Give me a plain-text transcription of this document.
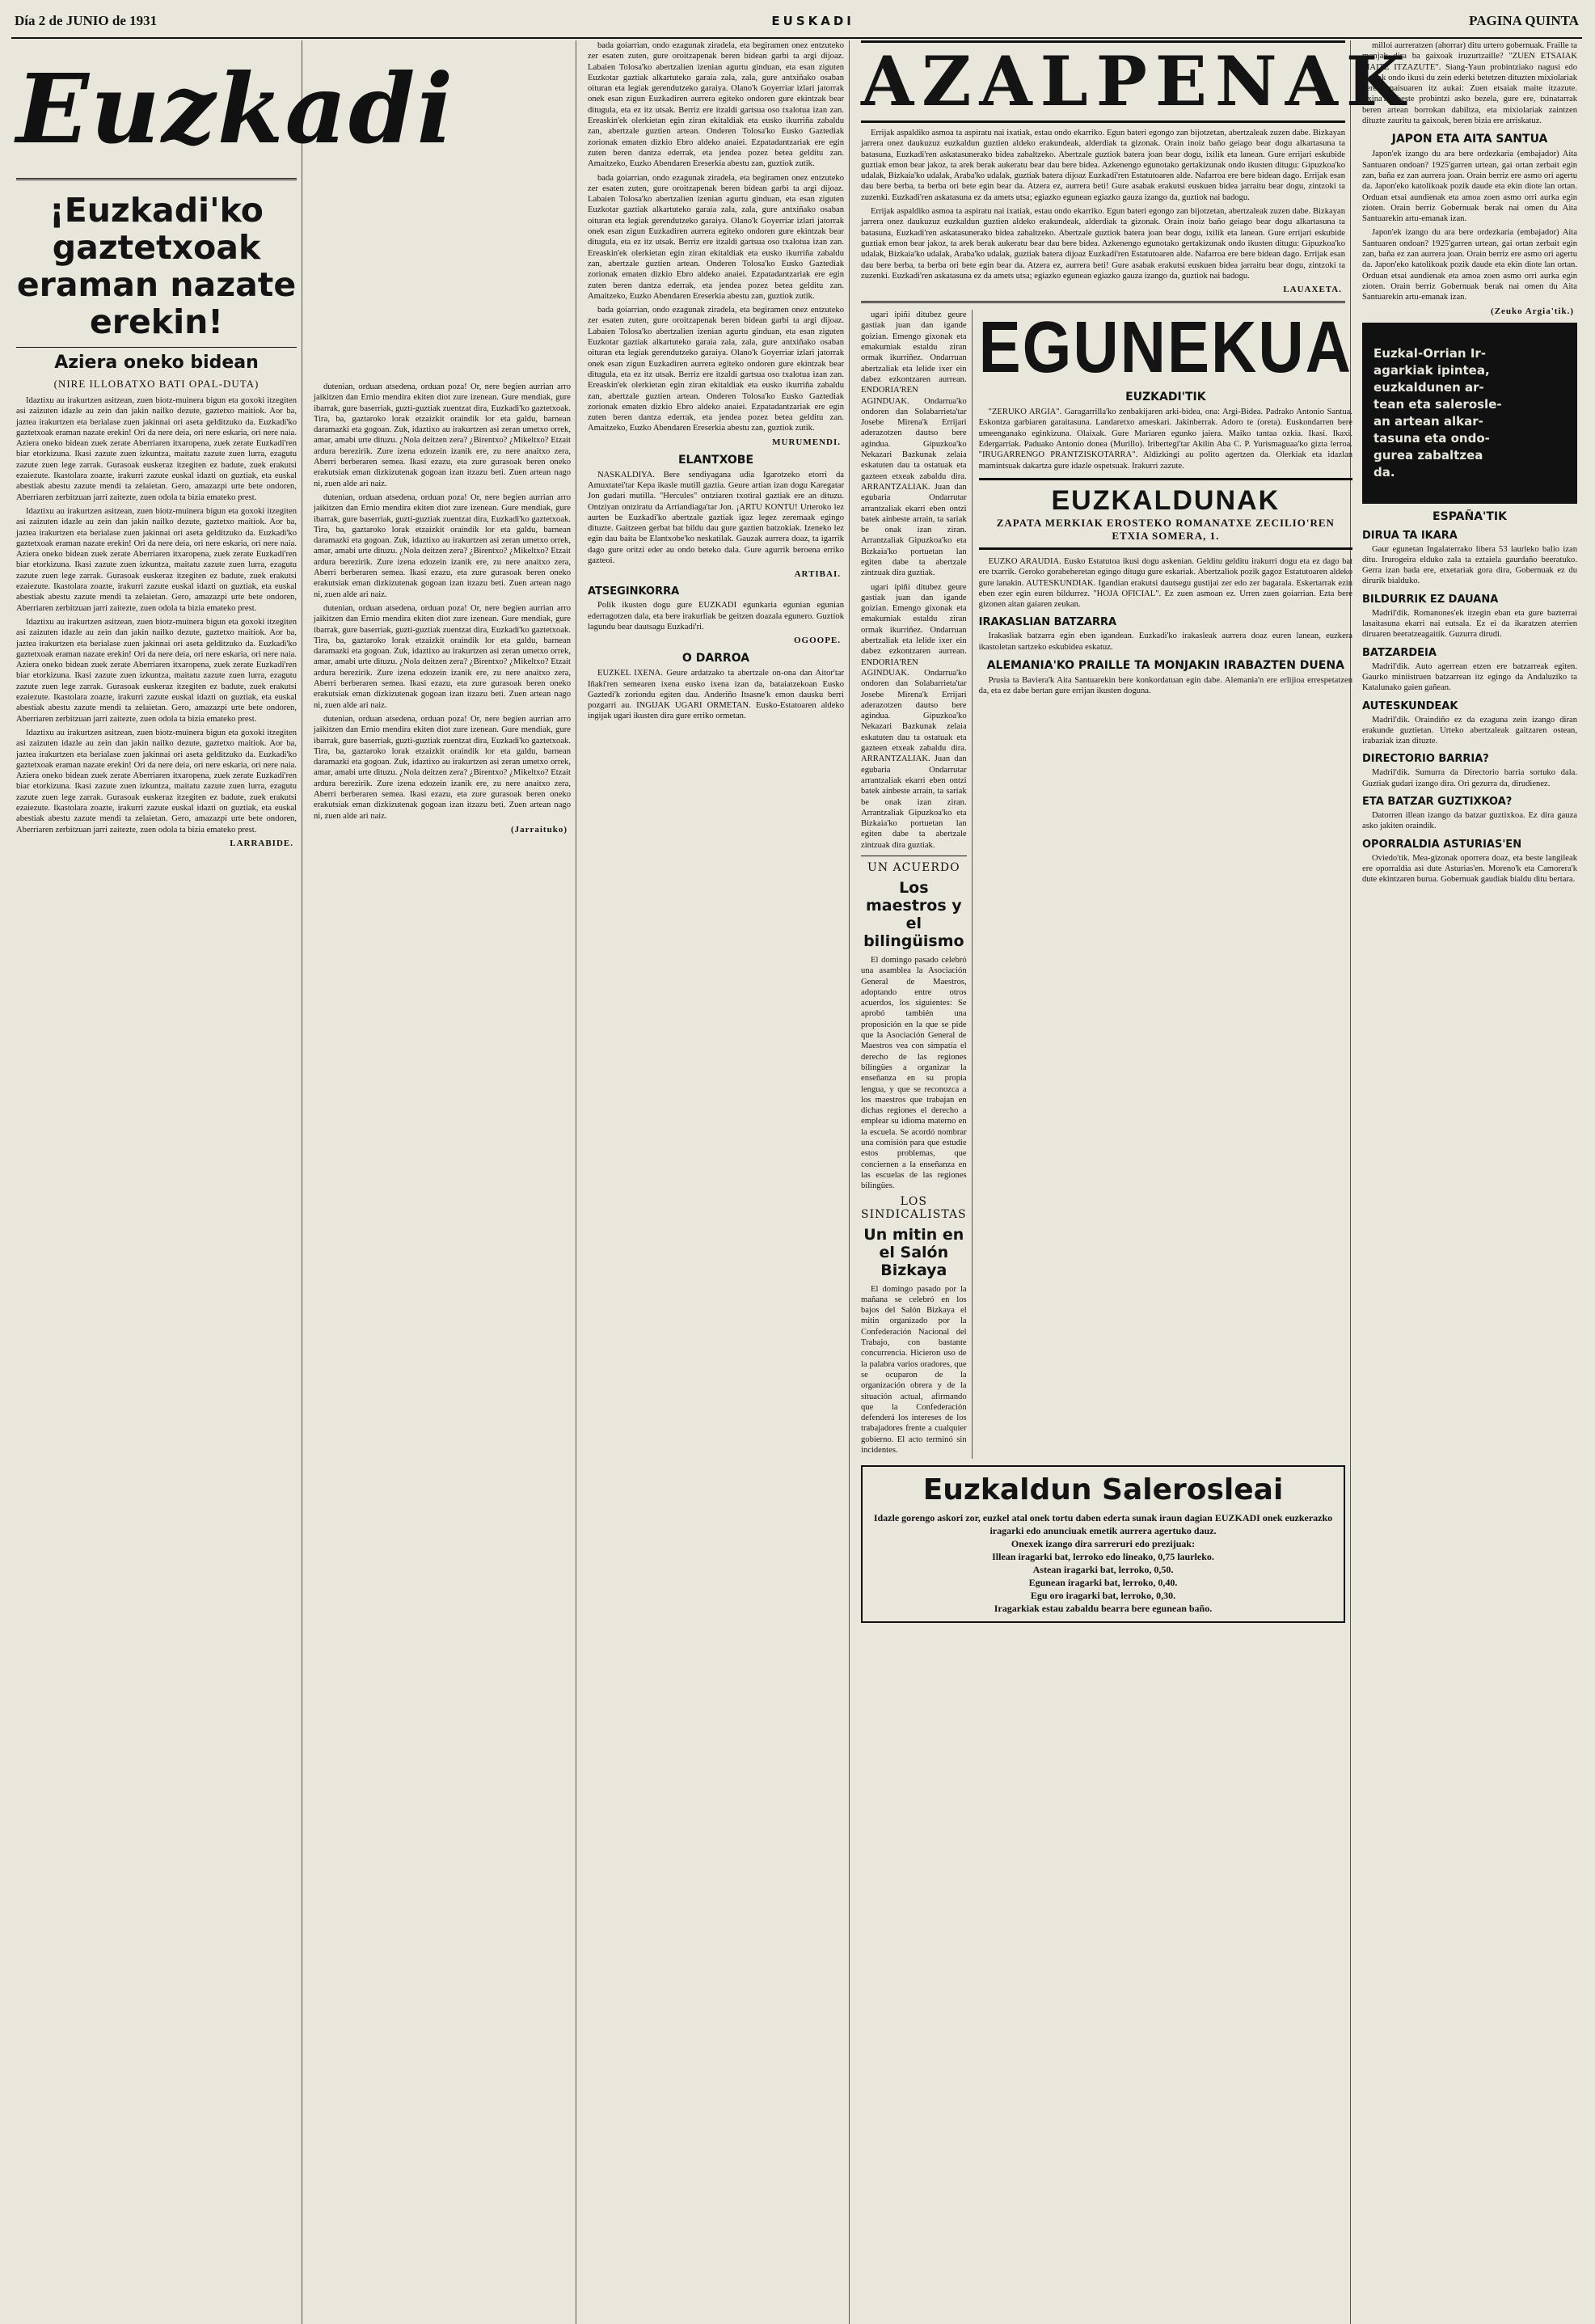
Día 2 de JUNIO de 1931	EUSKADI	PAGINA QUINTA
Euzkadi
¡Euzkadi'ko gaztetxoak eraman nazate erekin!
Aziera oneko bidean
(NIRE ILLOBATXO BATI OPAL-DUTA)

Idaztixu au irakurtzen asitzean, zuen biotz-muinera bigun eta goxoki itzegiten asi zaizuten idazle au zein dan jakin nailko dezute, gaztetxo maitiok. Aor ba, jaztea irakurtzen eta berialase zuen jakinnai ori aseta gelditzuko da. Euzkadi'ko gaztetxoak eraman nazate erekin! Ori da nere deia, ori nere eskaria, ori nere naia. Aziera oneko bidean zuek zerate Aberriaren itxaropena, zuek zerate Euzkadi'ren biar etorkizuna. Ikasi zazute zuen izkuntza, maitatu zazute zuen lurra, ezagutu zazute zuen lege zarrak. Gurasoak euskeraz itzegiten ez badute, zuek erakutsi ezaiezute. Ikastolara zoazte, irakurri zazute euskal idazti on guztiak, eta euskal abestiak abestu zazute mendi ta zelaietan. Gero, amazazpi urte bete ondoren, Aberriaren zerbitzuan jarri zaitezte, zuen odola ta bizia emateko prest.

Idaztixu au irakurtzen asitzean, zuen biotz-muinera bigun eta goxoki itzegiten asi zaizuten idazle au zein dan jakin nailko dezute, gaztetxo maitiok. Aor ba, jaztea irakurtzen eta berialase zuen jakinnai ori aseta gelditzuko da. Euzkadi'ko gaztetxoak eraman nazate erekin! Ori da nere deia, ori nere eskaria, ori nere naia. Aziera oneko bidean zuek zerate Aberriaren itxaropena, zuek zerate Euzkadi'ren biar etorkizuna. Ikasi zazute zuen izkuntza, maitatu zazute zuen lurra, ezagutu zazute zuen lege zarrak. Gurasoak euskeraz itzegiten ez badute, zuek erakutsi ezaiezute. Ikastolara zoazte, irakurri zazute euskal idazti on guztiak, eta euskal abestiak abestu zazute mendi ta zelaietan. Gero, amazazpi urte bete ondoren, Aberriaren zerbitzuan jarri zaitezte, zuen odola ta bizia emateko prest.

Idaztixu au irakurtzen asitzean, zuen biotz-muinera bigun eta goxoki itzegiten asi zaizuten idazle au zein dan jakin nailko dezute, gaztetxo maitiok. Aor ba, jaztea irakurtzen eta berialase zuen jakinnai ori aseta gelditzuko da. Euzkadi'ko gaztetxoak eraman nazate erekin! Ori da nere deia, ori nere eskaria, ori nere naia. Aziera oneko bidean zuek zerate Aberriaren itxaropena, zuek zerate Euzkadi'ren biar etorkizuna. Ikasi zazute zuen izkuntza, maitatu zazute zuen lurra, ezagutu zazute zuen lege zarrak. Gurasoak euskeraz itzegiten ez badute, zuek erakutsi ezaiezute. Ikastolara zoazte, irakurri zazute euskal idazti on guztiak, eta euskal abestiak abestu zazute mendi ta zelaietan. Gero, amazazpi urte bete ondoren, Aberriaren zerbitzuan jarri zaitezte, zuen odola ta bizia emateko prest.

Idaztixu au irakurtzen asitzean, zuen biotz-muinera bigun eta goxoki itzegiten asi zaizuten idazle au zein dan jakin nailko dezute, gaztetxo maitiok. Aor ba, jaztea irakurtzen eta berialase zuen jakinnai ori aseta gelditzuko da. Euzkadi'ko gaztetxoak eraman nazate erekin! Ori da nere deia, ori nere eskaria, ori nere naia. Aziera oneko bidean zuek zerate Aberriaren itxaropena, zuek zerate Euzkadi'ren biar etorkizuna. Ikasi zazute zuen izkuntza, maitatu zazute zuen lurra, ezagutu zazute zuen lege zarrak. Gurasoak euskeraz itzegiten ez badute, zuek erakutsi ezaiezute. Ikastolara zoazte, irakurri zazute euskal idazti on guztiak, eta euskal abestiak abestu zazute mendi ta zelaietan. Gero, amazazpi urte bete ondoren, Aberriaren zerbitzuan jarri zaitezte, zuen odola ta bizia emateko prest.

LARRABIDE.

dutenian, orduan atsedena, orduan poza! Or, nere begien aurrian arro jaikitzen dan Ernio mendira ekiten diot zure izenean. Gure mendiak, gure ibarrak, gure baserriak, guzti-guztiak zuentzat dira, Euzkadi'ko gaztetxoak. Tira, ba, gaztaroko lorak etzaizkit oraindik lor eta galdu, barnean daramazki eta gogoan. Zuk, idaztixo au irakurtzen asi zeran umetxo orrek, amar, amabi urte dituzu. ¿Nola deitzen zera? ¿Birentxo? ¿Mikeltxo? Etzait ardura berezirik. Zure izena edozein izanik ere, zu nere anaitxo zera, Aberri berberaren semea. Ikasi ezazu, eta zure gurasoak beren oneko erakutsiak eman dizkizutenak gogoan izan itzazu beti. Zuen artean nago ni, zuen alde ari naiz.

dutenian, orduan atsedena, orduan poza! Or, nere begien aurrian arro jaikitzen dan Ernio mendira ekiten diot zure izenean. Gure mendiak, gure ibarrak, gure baserriak, guzti-guztiak zuentzat dira, Euzkadi'ko gaztetxoak. Tira, ba, gaztaroko lorak etzaizkit oraindik lor eta galdu, barnean daramazki eta gogoan. Zuk, idaztixo au irakurtzen asi zeran umetxo orrek, amar, amabi urte dituzu. ¿Nola deitzen zera? ¿Birentxo? ¿Mikeltxo? Etzait ardura berezirik. Zure izena edozein izanik ere, zu nere anaitxo zera, Aberri berberaren semea. Ikasi ezazu, eta zure gurasoak beren oneko erakutsiak eman dizkizutenak gogoan izan itzazu beti. Zuen artean nago ni, zuen alde ari naiz.

dutenian, orduan atsedena, orduan poza! Or, nere begien aurrian arro jaikitzen dan Ernio mendira ekiten diot zure izenean. Gure mendiak, gure ibarrak, gure baserriak, guzti-guztiak zuentzat dira, Euzkadi'ko gaztetxoak. Tira, ba, gaztaroko lorak etzaizkit oraindik lor eta galdu, barnean daramazki eta gogoan. Zuk, idaztixo au irakurtzen asi zeran umetxo orrek, amar, amabi urte dituzu. ¿Nola deitzen zera? ¿Birentxo? ¿Mikeltxo? Etzait ardura berezirik. Zure izena edozein izanik ere, zu nere anaitxo zera, Aberri berberaren semea. Ikasi ezazu, eta zure gurasoak beren oneko erakutsiak eman dizkizutenak gogoan izan itzazu beti. Zuen artean nago ni, zuen alde ari naiz.

dutenian, orduan atsedena, orduan poza! Or, nere begien aurrian arro jaikitzen dan Ernio mendira ekiten diot zure izenean. Gure mendiak, gure ibarrak, gure baserriak, guzti-guztiak zuentzat dira, Euzkadi'ko gaztetxoak. Tira, ba, gaztaroko lorak etzaizkit oraindik lor eta galdu, barnean daramazki eta gogoan. Zuk, idaztixo au irakurtzen asi zeran umetxo orrek, amar, amabi urte dituzu. ¿Nola deitzen zera? ¿Birentxo? ¿Mikeltxo? Etzait ardura berezirik. Zure izena edozein izanik ere, zu nere anaitxo zera, Aberri berberaren semea. Ikasi ezazu, eta zure gurasoak beren oneko erakutsiak eman dizkizutenak gogoan izan itzazu beti. Zuen artean nago ni, zuen alde ari naiz.

(Jarraituko)

bada goiarrian, ondo ezagunak ziradela, eta begiramen onez entzuteko zer esaten zuten, gure oroitzapenak beren bidean garbi ta argi dijoaz. Labaien Tolosa'ko abertzalien izenian agurtu ginduan, eta esan ziguten Euzkotar gaztiak alkartuteko garaia zala, zala, gure antxiñako osaban oituran eta legiak gerendutzeko garaiya. Olano'k Goyerriar izlari jatorrak onek esan zigun Euzkadiren aurrera egiteko ondoren gure ekintzak bear ditugula, eta ez itz utsak. Berriz ere itzaldi gartsua oso txalotua izan zan. Ereaskin'ek olerkietan egin ziran ekitaldiak eta eusko ikurriña zabaldu zan, abertzale guztien artean. Onderen Tolosa'ko Eusko Gaztediak zorionak ematen dizkio Ebro aldeko anaiei. Ezpatadantzariak ere egin zuten beren dantza ederrak, eta jendea pozez betea gelditu zan. Amaitzeko, ⁠Euzko Abendaren Ereserkia abestu zan, guztiok zutik.

bada goiarrian, ondo ezagunak ziradela, eta begiramen onez entzuteko zer esaten zuten, gure oroitzapenak beren bidean garbi ta argi dijoaz. Labaien Tolosa'ko abertzalien izenian agurtu ginduan, eta esan ziguten Euzkotar gaztiak alkartuteko garaia zala, zala, gure antxiñako osaban oituran eta legiak gerendutzeko garaiya. Olano'k Goyerriar izlari jatorrak onek esan zigun Euzkadiren aurrera egiteko ondoren gure ekintzak bear ditugula, eta ez itz utsak. Berriz ere itzaldi gartsua oso txalotua izan zan. Ereaskin'ek olerkietan egin ziran ekitaldiak eta eusko ikurriña zabaldu zan, abertzale guztien artean. Onderen Tolosa'ko Eusko Gaztediak zorionak ematen dizkio Ebro aldeko anaiei. Ezpatadantzariak ere egin zuten beren dantza ederrak, eta jendea pozez betea gelditu zan. Amaitzeko, ⁠Euzko Abendaren Ereserkia abestu zan, guztiok zutik.

bada goiarrian, ondo ezagunak ziradela, eta begiramen onez entzuteko zer esaten zuten, gure oroitzapenak beren bidean garbi ta argi dijoaz. Labaien Tolosa'ko abertzalien izenian agurtu ginduan, eta esan ziguten Euzkotar gaztiak alkartuteko garaia zala, zala, gure antxiñako osaban oituran eta legiak gerendutzeko garaiya. Olano'k Goyerriar izlari jatorrak onek esan zigun Euzkadiren aurrera egiteko ondoren gure ekintzak bear ditugula, eta ez itz utsak. Berriz ere itzaldi gartsua oso txalotua izan zan. Ereaskin'ek olerkietan egin ziran ekitaldiak eta eusko ikurriña zabaldu zan, abertzale guztien artean. Onderen Tolosa'ko Eusko Gaztediak zorionak ematen dizkio Ebro aldeko anaiei. Ezpatadantzariak ere egin zuten beren dantza ederrak, eta jendea pozez betea gelditu zan. Amaitzeko, ⁠Euzko Abendaren Ereserkia abestu zan, guztiok zutik.

MURUMENDI.
ELANTXOBE

NASKALDIYA. Bere sendiyagana udia Igarotzeko etorri da Amuxtatei'tar Kepa ikasle mutill gaztia. Geure artian izan dogu Karegatar Jon gudari mutilla. "Hercules" ontziaren txotiral gaztiak ere an dituzu. Ontziyan ontziratu da Arriandiaga'tar Jon. ¡ARTU KONTU! Urteroko lez aurten be Euzkadi'ko abertzale gaztiak igaz legez zeremaak egingo dituzte. Gaitzeen gerbat bat bildu dau gure gaztien batzokiak. Izeneko lez egin dau baita be Elantxobe'ko neskatilak. Gauzak aurrera doaz, ta igarrik dago gure oritzi eder au ondo beteko dala. Gure agurrik beroena erriko gazteoi.

ARTIBAI.
ATSEGINKORRA

Polik ikusten dogu gure EUZKADI egunkaria egunian egunian ederragotzen dala, eta bere irakurliak be geitzen doazala egunero. Guztiok lagundu bear dautsagu Euzkadi'ri.

OGOOPE.
O DARROA

EUZKEL IXENA. Geure ardatzako ta abertzale on-ona dan Aitor'tar Iñaki'ren semearen ixena eusko ixena izan da, bataiatzekoan Eusko Gaztedi'k zoriondu egiten dau. Anderiño Itsasne'k emon dausku berri pozgarri au. INGIJAK UGARI ORMETAN. Eusko-Estatoaren aldeko ingijak ugari ikusten dira gure erriko ormetan.

AZALPENAK

Errijak aspaldiko asmoa ta aspiratu nai ixatiak, estau ondo ekarriko. Egun bateri egongo zan bijotzetan, abertzaleak zuzen dabe. Bizkayan jarrera onez daukuzuz euzkaldun guztien aldeko erakundeak, alderdiak ta gizonak. Orain inoiz baño geiago bear dogu alkartasuna ta batasuna, Euzkadi'ren askatasunerako bidea zabaltzeko. Abertzale guztiok batera joan bear dogu, ixilik eta lanean. Gure errijari eskubide guztiak emon bear jakoz, ta arek berak aukeratu bear dau bere bidea. Azkenengo egunotako gertakizunak ondo ikusten ditugu: Gipuzkoa'ko udalak, Bizkaia'ko udalak, Araba'ko udalak, guztiak batera dijoaz Euzkadi'ren Estatutoaren alde. Nafarroa ere bere bidean dago. Errijak esan dau bere berba, ta berba ori bete egin bear da. Atzera ez, aurrera beti! Gure asabak erakutsi euskuen bidea jarraitu bear dogu, zintzoki ta zuzenki. Euzkadi'ren askatasuna ez da amets utsa; egiazko egunean egiazko gauza izango da, guztiok nai badogu.

Errijak aspaldiko asmoa ta aspiratu nai ixatiak, estau ondo ekarriko. Egun bateri egongo zan bijotzetan, abertzaleak zuzen dabe. Bizkayan jarrera onez daukuzuz euzkaldun guztien aldeko erakundeak, alderdiak ta gizonak. Orain inoiz baño geiago bear dogu alkartasuna ta batasuna, Euzkadi'ren askatasunerako bidea zabaltzeko. Abertzale guztiok batera joan bear dogu, ixilik eta lanean. Gure errijari eskubide guztiak emon bear jakoz, ta arek berak aukeratu bear dau bere bidea. Azkenengo egunotako gertakizunak ondo ikusten ditugu: Gipuzkoa'ko udalak, Bizkaia'ko udalak, Araba'ko udalak, guztiak batera dijoaz Euzkadi'ren Estatutoaren alde. Nafarroa ere bere bidean dago. Errijak esan dau bere berba, ta berba ori bete egin bear da. Atzera ez, aurrera beti! Gure asabak erakutsi euskuen bidea jarraitu bear dogu, zintzoki ta zuzenki. Euzkadi'ren askatasuna ez da amets utsa; egiazko egunean egiazko gauza izango da, guztiok nai badogu.

LAUAXETA.

ugari ipiñi ditubez geure gastiak juan dan igande goizian. Emengo gixonak eta emakumiak estaldu ziran ormak ikurriñez. Ondarruan abertzaliak eta lelide ixer ein dabez ezkontzaren aurrean. ENDORIA'REN AGINDUAK. Ondarrua'ko ondoren dan Solabarrieta'tar Josebe Mirena'k Errijari aderazotzen dautso bere agindua. Gipuzkoa'ko Nekazari Bazkunak zelaia eskatuten dau ta ostatuak eta gazteen etxeak zabaldu dira. ARRANTZALIAK. Juan dan egubaria Ondarrutar arrantzaliak ekarri eben ontzi batek ainbeste arrain, ta sariak be onak izan ziran. Arrantzaliak Gipuzkoa'ko eta Bizkaia'ko portuetan lan egiten dabe ta abertzale zintzuak dira guztiak.

ugari ipiñi ditubez geure gastiak juan dan igande goizian. Emengo gixonak eta emakumiak estaldu ziran ormak ikurriñez. Ondarruan abertzaliak eta lelide ixer ein dabez ezkontzaren aurrean. ENDORIA'REN AGINDUAK. Ondarrua'ko ondoren dan Solabarrieta'tar Josebe Mirena'k Errijari aderazotzen dautso bere agindua. Gipuzkoa'ko Nekazari Bazkunak zelaia eskatuten dau ta ostatuak eta gazteen etxeak zabaldu dira. ARRANTZALIAK. Juan dan egubaria Ondarrutar arrantzaliak ekarri eben ontzi batek ainbeste arrain, ta sariak be onak izan ziran. Arrantzaliak Gipuzkoa'ko eta Bizkaia'ko portuetan lan egiten dabe ta abertzale zintzuak dira guztiak.

UN ACUERDO
Los maestros y el bilingüismo

El domingo pasado celebró una asamblea la Asociación General de Maestros, adoptando entre otros acuerdos, los siguientes: Se aprobó también una proposición en la que se pide que la Asociación General de Maestros vea con simpatía el derecho de las regiones bilingües a organizar la enseñanza en su propia lengua, y que se reconozca a los maestros que trabajan en dichas regiones el derecho a emplear su idioma materno en la escuela. Se acordó nombrar una comisión para que estudie estos problemas, que conciernen a la enseñanza en las escuelas de las regiones bilingües.

LOS SINDICALISTAS
Un mitin en el Salón Bizkaya

El domingo pasado por la mañana se celebró en los bajos del Salón Bizkaya el mitin organizado por la Confederación Nacional del Trabajo, con bastante concurrencia. Hicieron uso de la palabra varios oradores, que se ocuparon de la organización obrera y de la situación actual, afirmando que la Confederación defenderá los intereses de los trabajadores frente a cualquier gobierno. El acto terminó sin incidentes.

EGUNEKUA
EUZKADI'TIK

"ZERUKO ARGIA". Garagarrilla'ko zenbakijaren arki-bidea, ona: Argi-Bidea. Padrako Antonio Santua. Eskontza garbiaren garaitasuna. Landaretxo ameskari. Jakinberrak. Adoro te (oreta). Euskondarren bere umeenganako eginkizuna. Olaixak. Gure Mariaren egunko jaiera. Maiko tantaa ozkia. Ikasi. Ikaxi. Edergarriak. Paduako Antonio donea (Murillo). Iribertegi'tar Akilin Aba C. P. Yurismaguaa'ko gizta lerroa. "IRUGARRENGO PRANTZISKOTARRA". Aldizkingi au polito agertzen da. Olerkiak eta idazlan mamintsuak dakartza gure idazle ospetsuak. Irakurri zazute.

EUZKALDUNAK
ZAPATA MERKIAK EROSTEKO ROMANATXE ZECILIO'REN ETXIA SOMERA, 1.

EUZKO ARAUDIA. Eusko Estatutoa ikusi dogu askenian. Gelditu gelditu irakurri dogu eta ez dago bat ere txarrik. Geroko gorabeheretan egingo ditugu gure eskariak. Abertzaliok pozik gagoz Estatutoaren aldeko gure lanakin. AUTESKUNDIAK. Igandian erakutsi dautsegu gustijai zer edo zer bagarala. Eskertarrak ezin eben ezer egin euren bildurrez. "HOJA OFICIAL". Ez zuen asmoan ez. Urren zuen goiarrian. Ezta bere gizonen aitan gaiaren zeukan.

IRAKASLIAN BATZARRA

Irakasliak batzarra egin eben igandean. Euzkadi'ko irakasleak aurrera doaz euren lanean, euzkera ikastoletan sartzeko eskubidea eskatuz.

ALEMANIA'KO PRAILLE TA MONJAKIN IRABAZTEN DUENA

Prusia ta Baviera'k Aita Santuarekin bere konkordatuan egin dabe. Alemania'n ere erlijioa errespetatzen da, eta ez dabe bertan gure errijan ikusten doguna.

Euzkaldun Salerosleai
Idazle gorengo askori zor, euzkel atal onek tortu daben ederta sunak iraun dagian EUZKADI onek euzkerazko iragarki edo anunciuak emetik aurrera agertuko dauz.
Onexek izango dira sarreruri edo prezijuak:
Illean iragarki bat, lerroko edo lineako, 0,75 laurleko.
Astean iragarki bat, lerroko, 0,50.
Egunean iragarki bat, lerroko, 0,40.
Egu oro iragarki bat, lerroko, 0,30.
Iragarkiak estau zabaldu bearra bere egunean baño.

milloi aurreratzen (ahorrar) ditu urtero gobernuak. Fraille ta monjak dira ba gaixoak iruzurtzaille? "ZUEN ETSAIAK MAITE ITZAZUTE". Siang-Yaun probintziako nagusi edo buruak ondo ikusi du zein ederki betetzen dituzten mixiolariak beren maisuaren itz aukai: Zuen etsaiak maite itzazute. Txina'ko beste probintzi asko bezela, gure ere, txinatarrak beren artean borrokan dabiltza, eta mixiolariak zaintzen dituzte zauritu ta gaixoak, beren bizia ere arriskatuz.

JAPON ETA AITA SANTUA

Japon'ek izango du ara bere ordezkaria (embajador) Aita Santuaren ondoan? 1925'garren urtean, gai ortan zerbait egin zan, baña ez zan aurrera joan. Orain berriz ere asmo ori agertu da. Japon'eko katolikoak pozik daude eta ekin diote lan ortan. Orduan etsai aundienak eta amoa zoen asmo orri aurka egin zioten. Orain berriz Gobernuak berak nai omen du Aita Santuarekin artu-emanak izan.

Japon'ek izango du ara bere ordezkaria (embajador) Aita Santuaren ondoan? 1925'garren urtean, gai ortan zerbait egin zan, baña ez zan aurrera joan. Orain berriz ere asmo ori agertu da. Japon'eko katolikoak pozik daude eta ekin diote lan ortan. Orduan etsai aundienak eta amoa zoen asmo orri aurka egin zioten. Orain berriz Gobernuak berak nai omen du Aita Santuarekin artu-emanak izan.

(Zeuko Argia'tik.)
Euzkal-Orrian Ir-
agarkiak ipintea,
euzkaldunen ar-
tean eta salerosle-
an artean alkar-
tasuna eta ondo-
gurea zabaltzea
da.
ESPAÑA'TIK
DIRUA TA IKARA

Gaur egunetan Ingalaterrako libera 53 laurleko balio izan ditu. Irurogeira elduko zala ta eztaiela gaurdaño beeratuko. Gerra izan bada ere, etxetariak gora dira, Gobernuak ez du dirurik bialduko.

BILDURRIK EZ DAUANA

Madril'dik. Romanones'ek itzegin eban eta gure bazterrai lasaitasuna ekarri nai eutsala. Ez ei da ikaratzen aterrien diruaren beeratzeagaitik. Guzurra dirudi.

BATZARDEIA

Madril'dik. Auto agerrean etzen ere batzarreak egiten. Gaurko miniistruen batzarrean itz egingo da Andaluziko ta Katalunako gaien gañean.

AUTESKUNDEAK

Madril'dik. Oraindiño ez da ezaguna zein izango diran erakunde guztietan. Urteko abertzaleak gaitzaren ostean, irabaziak izan dituzte.

DIRECTORIO BARRIA?

Madril'dik. Sumurra da Directorio barria sortuko dala. Guztiak gudari izango dira. Ori gezurra da, dirudienez.

ETA BATZAR GUZTIXKOA?

Datorren illean izango da batzar guztixkoa. Ez dira gauza asko jakiten oraindik.

OPORRALDIA ASTURIAS'EN

Oviedo'tik. Mea-gizonak oporrera doaz, eta beste langileak ere oporraldia asi dute Asturias'en. Moreno'k eta Camorera'k dute ekintzaren burua. Gobernuak gaudiak bialdu ditu bertara.
